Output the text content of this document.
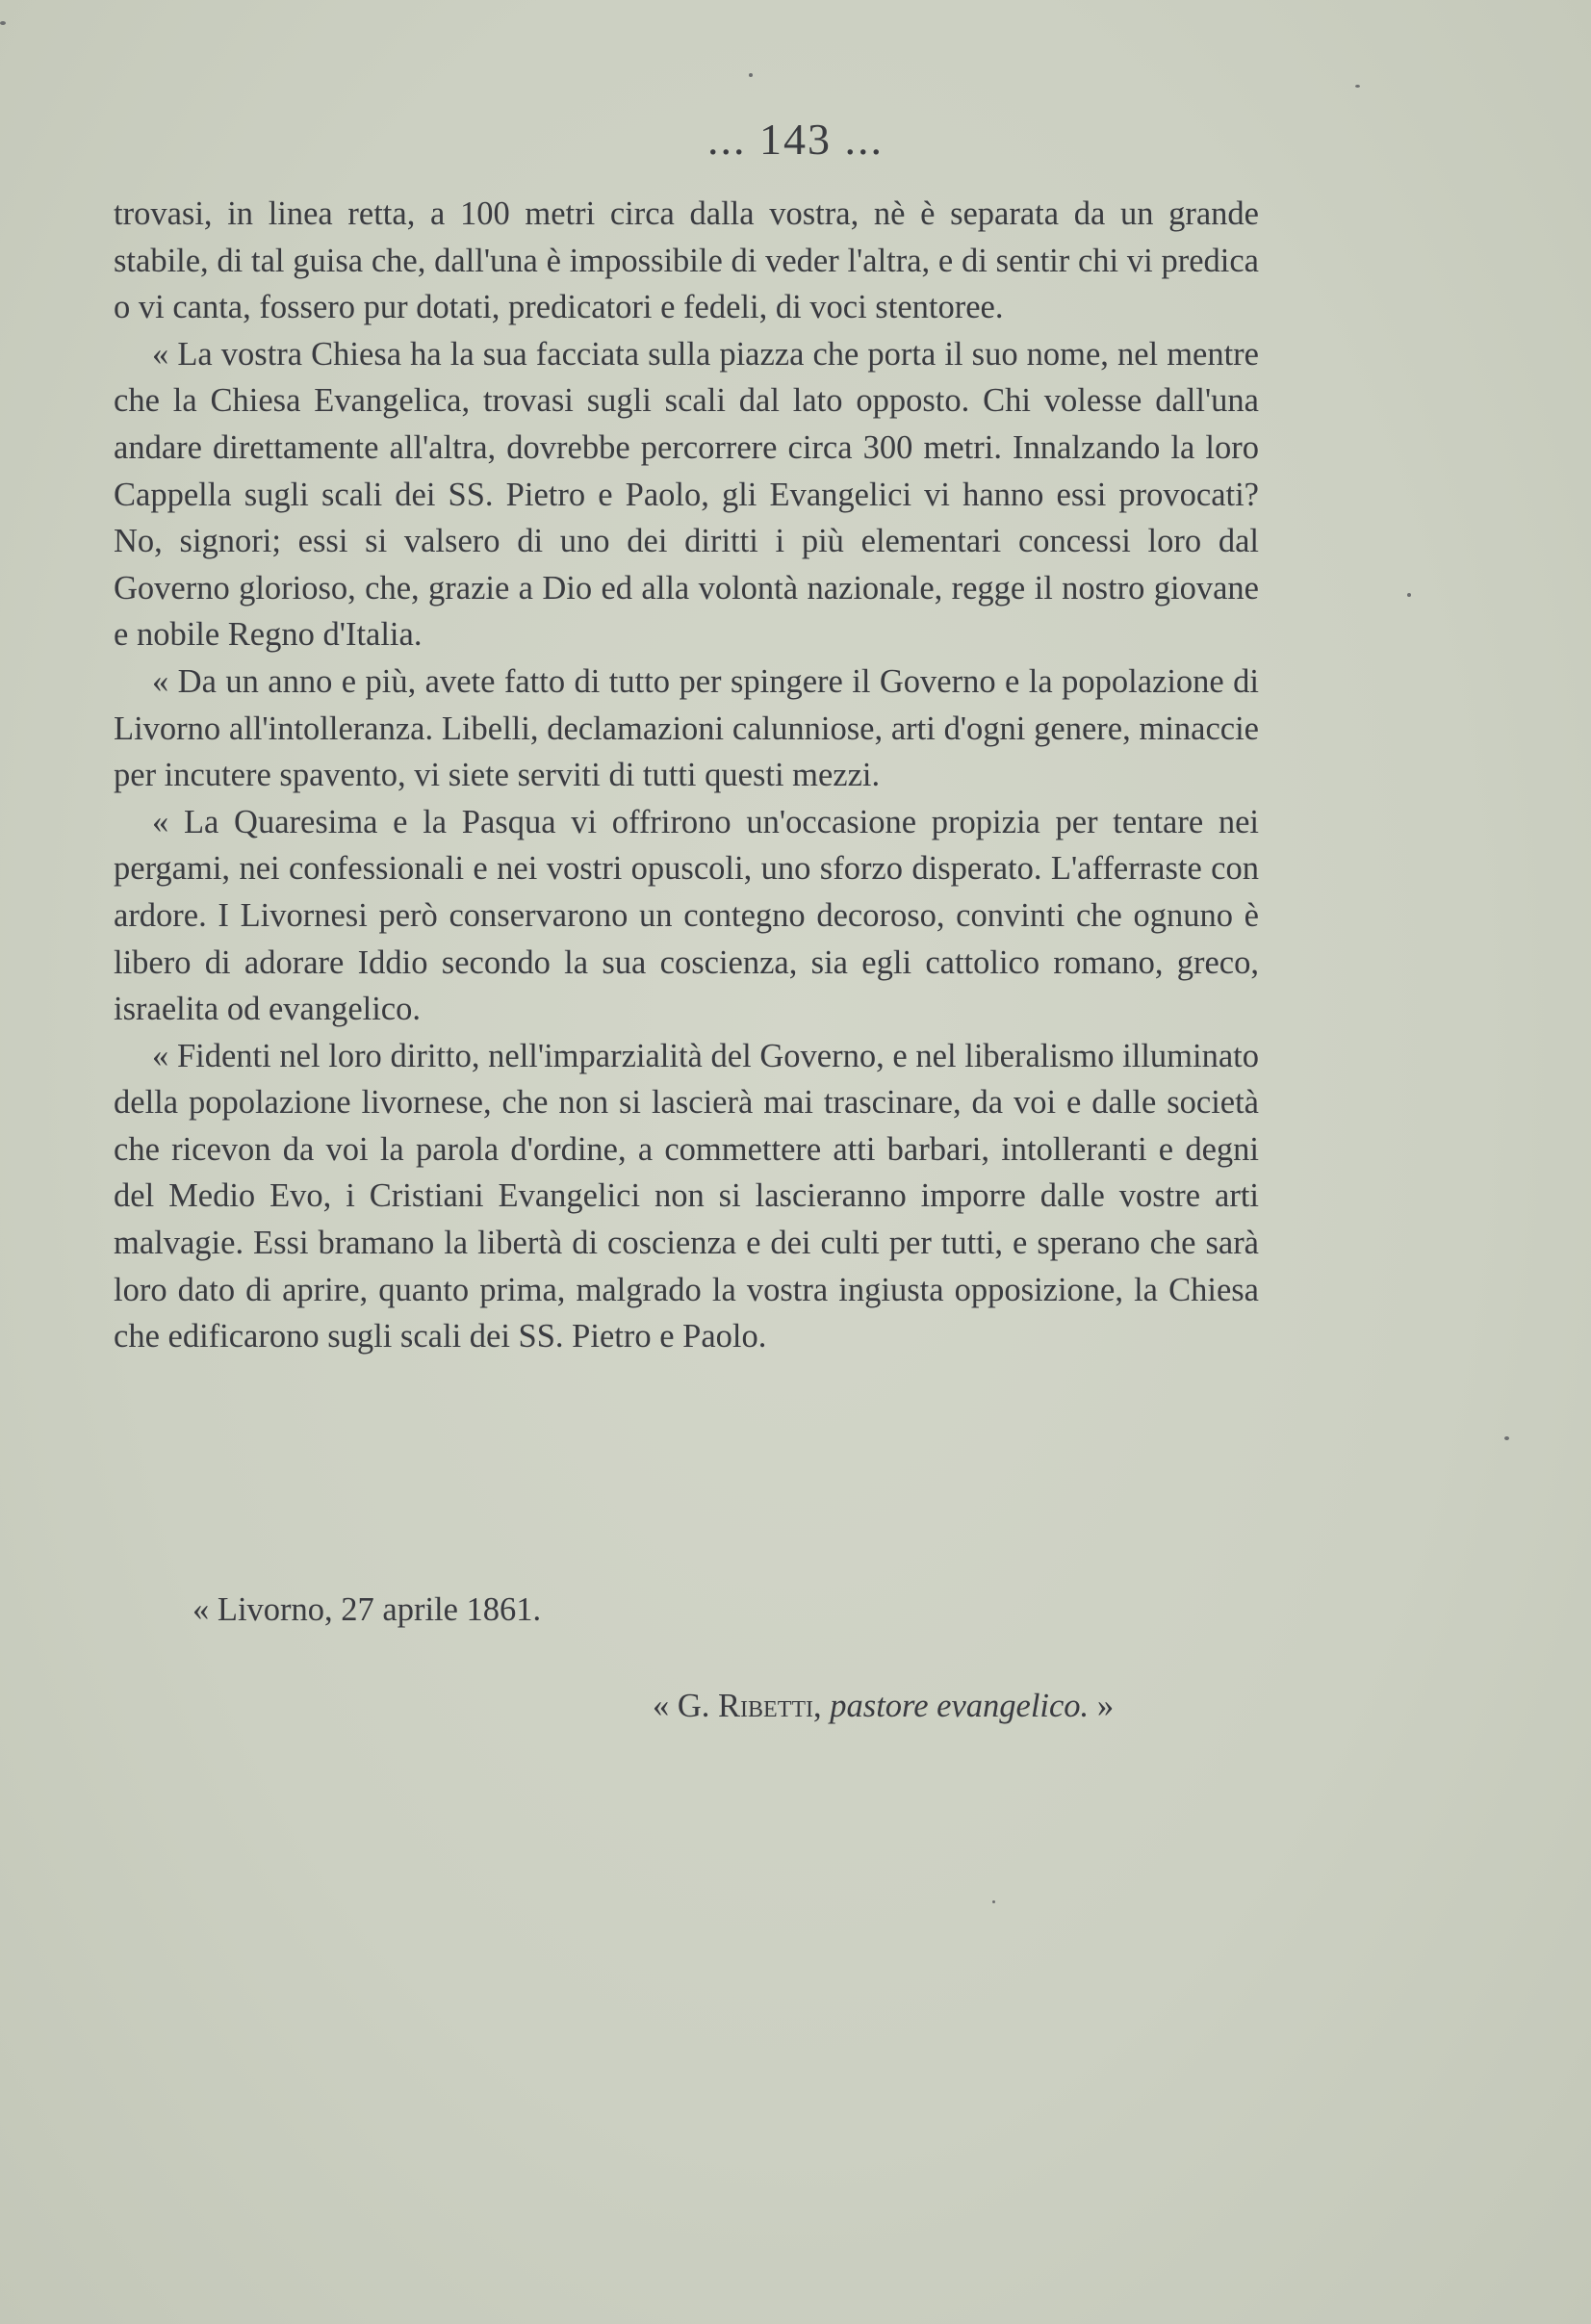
... 143 ...

trovasi, in linea retta, a 100 metri circa dalla vostra, nè è separata da un grande stabile, di tal guisa che, dall'una è impossibile di veder l'altra, e di sentir chi vi predica o vi canta, fossero pur dotati, predicatori e fedeli, di voci stentoree.

« La vostra Chiesa ha la sua facciata sulla piazza che porta il suo nome, nel mentre che la Chiesa Evangelica, trovasi sugli scali dal lato opposto. Chi volesse dall'una andare direttamente all'altra, dovrebbe percorrere circa 300 metri. Innalzando la loro Cappella sugli scali dei SS. Pietro e Paolo, gli Evangelici vi hanno essi provocati? No, signori; essi si valsero di uno dei diritti i più elementari concessi loro dal Governo glorioso, che, grazie a Dio ed alla volontà nazionale, regge il nostro giovane e nobile Regno d'Italia.

« Da un anno e più, avete fatto di tutto per spingere il Governo e la popolazione di Livorno all'intolleranza. Libelli, declamazioni calunniose, arti d'ogni genere, minaccie per incutere spavento, vi siete serviti di tutti questi mezzi.

« La Quaresima e la Pasqua vi offrirono un'occasione propizia per tentare nei pergami, nei confessionali e nei vostri opuscoli, uno sforzo disperato. L'afferraste con ardore. I Livornesi però conservarono un contegno decoroso, convinti che ognuno è libero di adorare Iddio secondo la sua coscienza, sia egli cattolico romano, greco, israelita od evangelico.

« Fidenti nel loro diritto, nell'imparzialità del Governo, e nel liberalismo illuminato della popolazione livornese, che non si lascierà mai trascinare, da voi e dalle società che ricevon da voi la parola d'ordine, a commettere atti barbari, intolleranti e degni del Medio Evo, i Cristiani Evangelici non si lascieranno imporre dalle vostre arti malvagie. Essi bramano la libertà di coscienza e dei culti per tutti, e sperano che sarà loro dato di aprire, quanto prima, malgrado la vostra ingiusta opposizione, la Chiesa che edificarono sugli scali dei SS. Pietro e Paolo.

« Livorno, 27 aprile 1861.
« G. Ribetti, pastore evangelico. »
